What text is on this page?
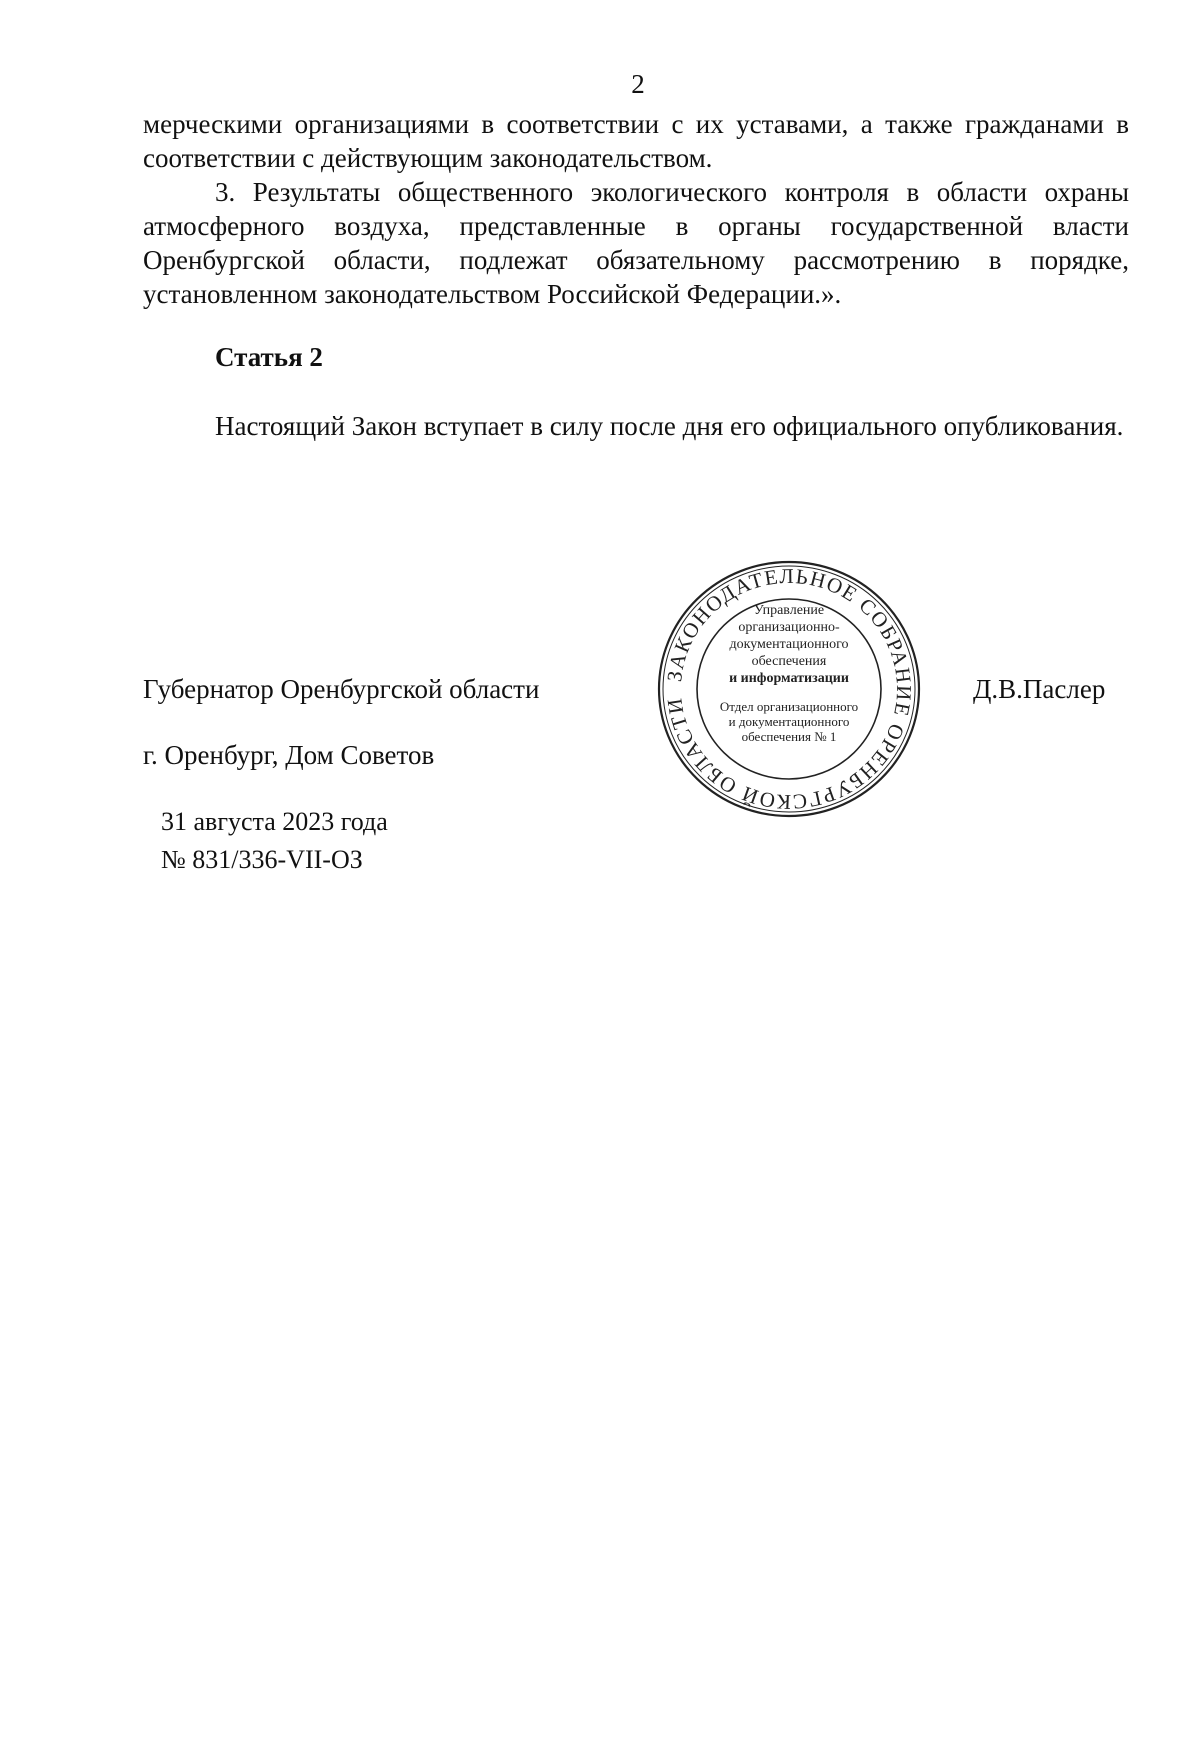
2
мерческими организациями в соответствии с их уставами, а также гражданами в соответствии с действующим законодательством.
3. Результаты общественного экологического контроля в области охраны атмосферного воздуха, представленные в органы государственной власти Оренбургской области, подлежат обязательному рассмотрению в порядке, установленном законодательством Российской Федерации.».
Статья 2
Настоящий Закон вступает в силу после дня его официального опубликования.
Губернатор Оренбургской области	ЗАКОНОДАТЕЛЬНОЕ СОБРАНИЕ ОРЕНБУРГСКОЙ ОБЛАСТИ
Управление
организационно-
документационного
обеспечения
и информатизации
Отдел организационного
и документационного
обеспечения № 1
Д.В.Паслер
г. Оренбург, Дом Советов
31 августа 2023 года
№ 831/336-VII-ОЗ
